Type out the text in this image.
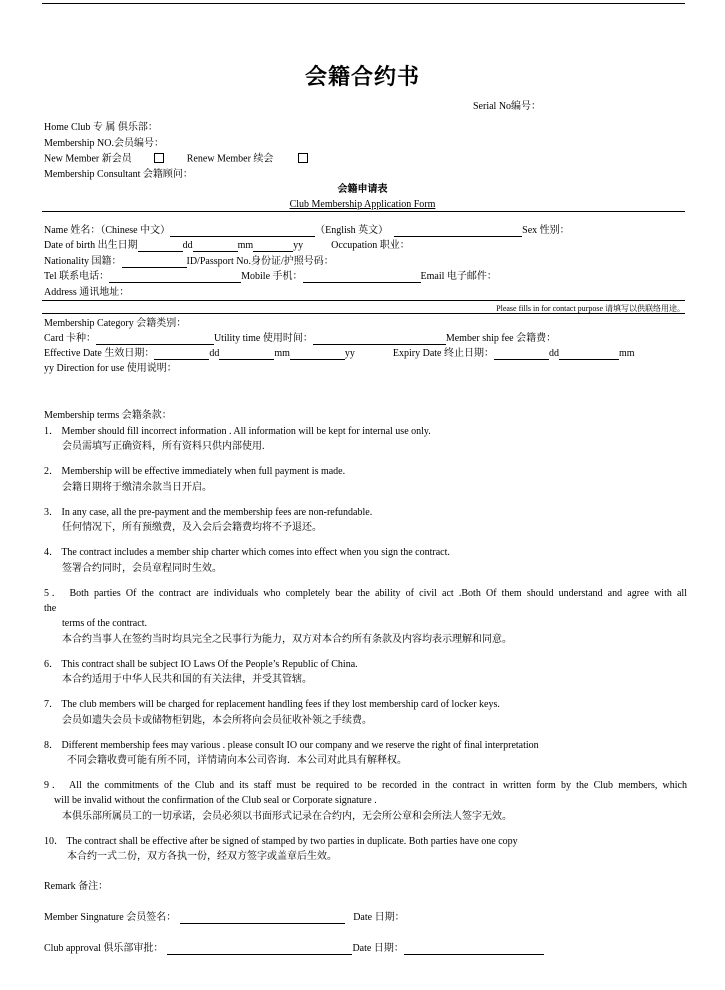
会籍合约书
Serial No编号：
Home Club 专 属 俱乐部：
Membership NO.会员编号：
New Member 新会员	Renew Member 续会
Membership Consultant 会籍顾问：
会籍申请表
Club Membership Application Form
Name 姓名：（Chinese 中文）	（English 英文）	Sex 性别：
Date of birth 出生日期	dd	mm	yy	Occupation 职业：
Nationality 国籍：	ID/Passport No.身份证/护照号码：
Tel 联系电话：	Mobile 手机：	Email 电子邮件：
Address 通讯地址：
Please fills in for contact purpose 请填写以供联络用途。
Membership Category 会籍类别：
Card 卡种：	Utility time 使用时间：	Member ship fee 会籍费：
Effective Date 生效日期：	dd	mm	yy	Expiry Date 终止日期：	dd	mm
yy Direction for use 使用说明：
Membership terms 会籍条款：
1． Member should fill incorrect information . All information will be kept for internal use only.
会员需填写正确资料，所有资料只供内部使用.
2． Membership will be effective immediately when full payment is made.
会籍日期将于缴清余款当日开启。
3． In any case, all the pre-payment and the membership fees are non-refundable.
任何情况下，所有预缴费，及入会后会籍费均将不予退还。
4． The contract includes a member ship charter which comes into effect when you sign the contract.
签署合约同时，会员章程同时生效。
5． Both parties Of the contract are individuals who completely bear the ability of civil act .Both Of them should understand and agree with all
the
terms of the contract.
本合约当事人在签约当时均具完全之民事行为能力，双方对本合约所有条款及内容均表示理解和同意。
6． This contract shall be subject IO Laws Of the People’s Republic of China.
本合约适用于中华人民共和国的有关法律，并受其管辖。
7． The club members will be charged for replacement handling fees if they lost membership card of locker keys.
会员如遗失会员卡或储物柜钥匙，本会所将向会员征收补领之手续费。
8． Different membership fees may various . please consult IO our company and we reserve the right of final interpretation
不同会籍收费可能有所不同，详情请向本公司咨询．本公司对此具有解释权。
9． All the commitments of the Club and its staff must be required to be recorded in the contract in written form by the Club members, which
will be invalid without the confirmation of the Club seal or Corporate signature .
本俱乐部所属员工的一切承诺，会员必须以书面形式记录在合约内，无会所公章和会所法人签字无效。
10． The contract shall be effective after be signed of stamped by two parties in duplicate. Both parties have one copy
本合约一式二份，双方各执一份，经双方签字或盖章后生效。
Remark 备注：
Member Singnature 会员签名：	Date 日期：
Club approval 俱乐部审批：	Date 日期：
